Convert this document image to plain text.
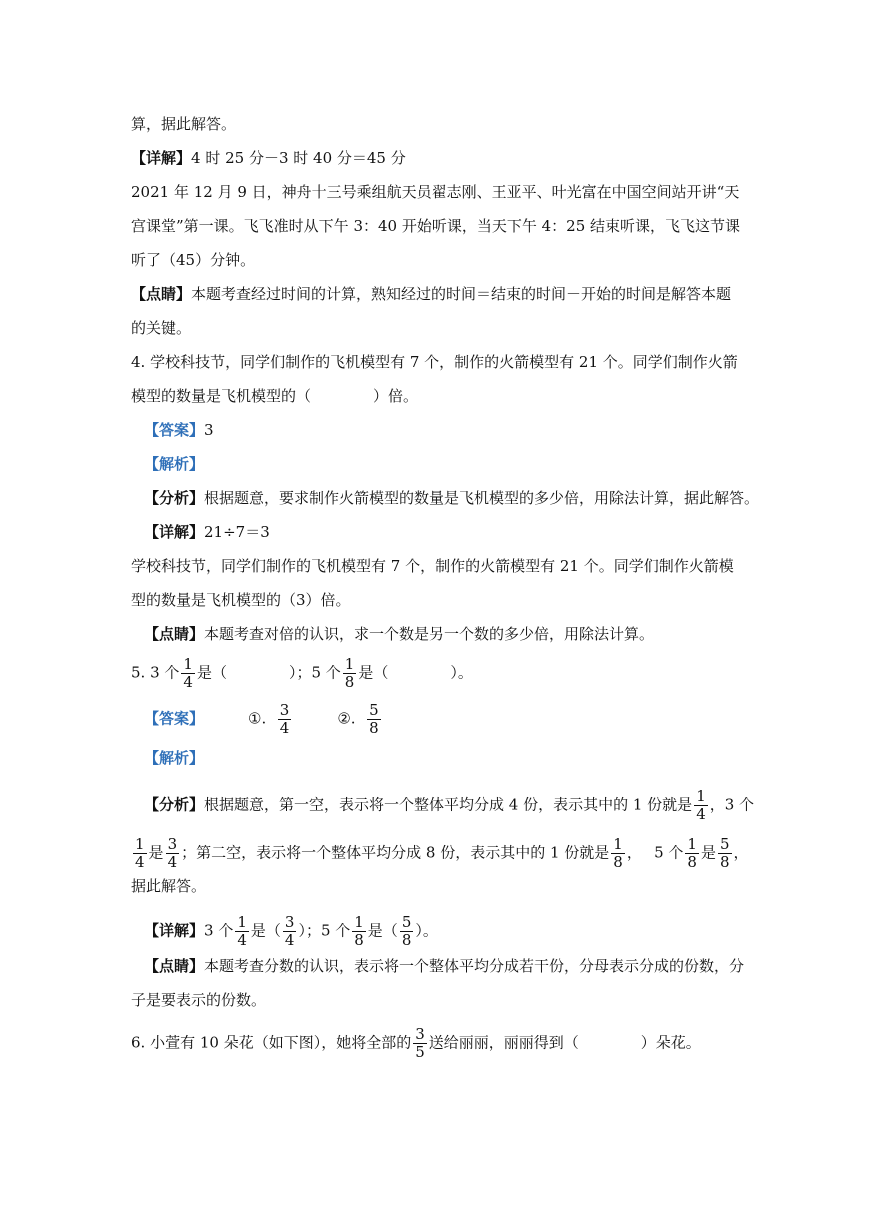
算，据此解答。
【详解】4 时 25 分－3 时 40 分＝45 分
2021 年 12 月 9 日，神舟十三号乘组航天员翟志刚、王亚平、叶光富在中国空间站开讲“天
宫课堂”第一课。飞飞准时从下午 3：40 开始听课，当天下午 4：25 结束听课，飞飞这节课
听了（45）分钟。
【点睛】本题考查经过时间的计算，熟知经过的时间＝结束的时间－开始的时间是解答本题
的关键。
4. 学校科技节，同学们制作的飞机模型有 7 个，制作的火箭模型有 21 个。同学们制作火箭
模型的数量是飞机模型的（	）倍。
【答案】3
【解析】
【分析】根据题意，要求制作火箭模型的数量是飞机模型的多少倍，用除法计算，据此解答。
【详解】21÷7＝3
学校科技节，同学们制作的飞机模型有 7 个，制作的火箭模型有 21 个。同学们制作火箭模
型的数量是飞机模型的（3）倍。
【点睛】本题考查对倍的认识，求一个数是另一个数的多少倍，用除法计算。
5. 3 个 $\frac{1}{4}$ 是（	）；5 个 $\frac{1}{8}$ 是（	）。
【答案】	①. $\frac{3}{4}$	②. $\frac{5}{8}$
【解析】
【分析】根据题意，第一空，表示将一个整体平均分成 4 份，表示其中的 1 份就是 $\frac{1}{4}$ ，3 个
$\frac{1}{4}$ 是 $\frac{3}{4}$ ；第二空，表示将一个整体平均分成 8 份，表示其中的 1 份就是 $\frac{1}{8}$ ，　 5 个 $\frac{1}{8}$ 是 $\frac{5}{8}$ ，
据此解答。
【详解】3 个 $\frac{1}{4}$ 是（ $\frac{3}{4}$ ）；5 个 $\frac{1}{8}$ 是（ $\frac{5}{8}$ ）。
【点睛】本题考查分数的认识，表示将一个整体平均分成若干份，分母表示分成的份数，分
子是要表示的份数。
6. 小萱有 10 朵花（如下图），她将全部的 $\frac{3}{5}$ 送给丽丽，丽丽得到（	）朵花。
